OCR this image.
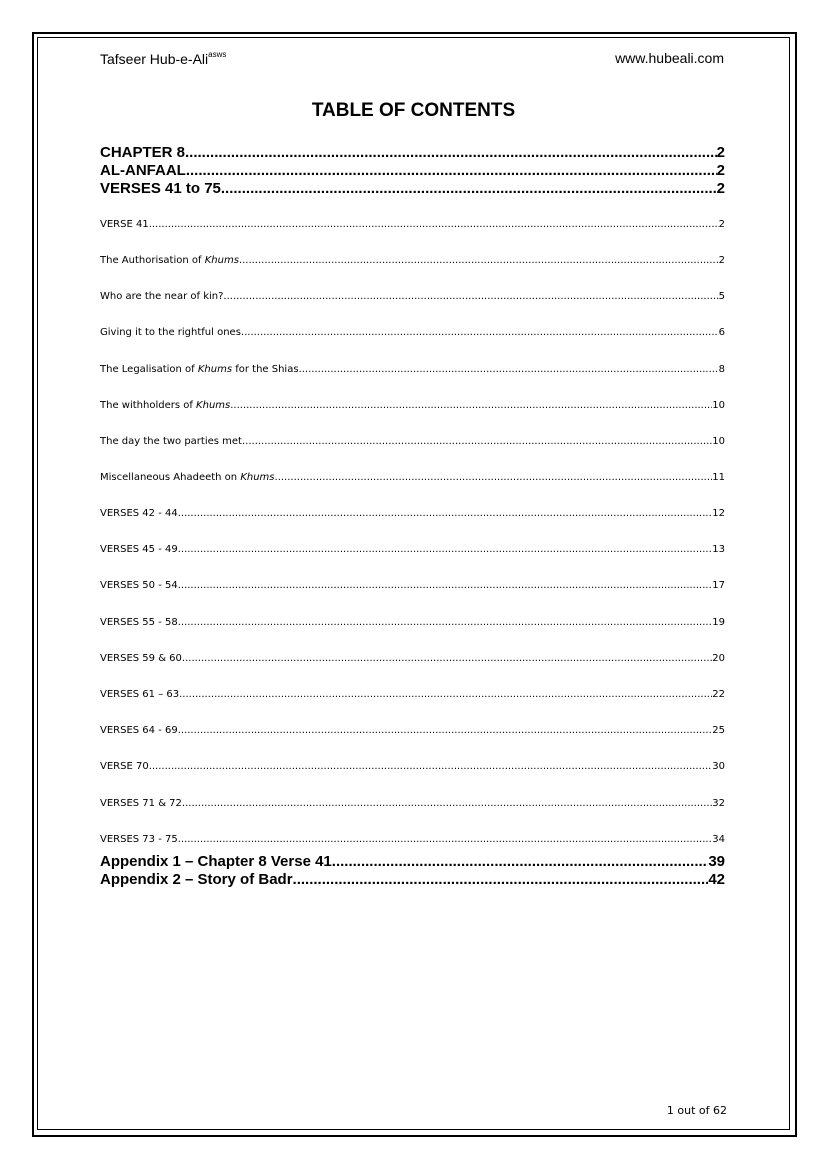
Tafseer Hub-e-Ali$^{asws}$	www.hubeali.com
TABLE OF CONTENTS
CHAPTER 8 .....	2
AL-ANFAAL .....	2
VERSES 41 to 75 .....	2
VERSE 41 .....	2
The Authorisation of Khums .....	2
Who are the near of kin? .....	5
Giving it to the rightful ones .....	6
The Legalisation of Khums for the Shias .....	8
The withholders of Khums .....	10
The day the two parties met .....	10
Miscellaneous Ahadeeth on Khums .....	11
VERSES 42 - 44 .....	12
VERSES 45 - 49 .....	13
VERSES 50 - 54 .....	17
VERSES 55 - 58 .....	19
VERSES 59 & 60 .....	20
VERSES 61 – 63 .....	22
VERSES 64 - 69 .....	25
VERSE 70 .....	30
VERSES 71 & 72 .....	32
VERSES 73 - 75 .....	34
Appendix 1 – Chapter 8 Verse 41 .....	39
Appendix 2 – Story of Badr .....	42
1 out of 62
